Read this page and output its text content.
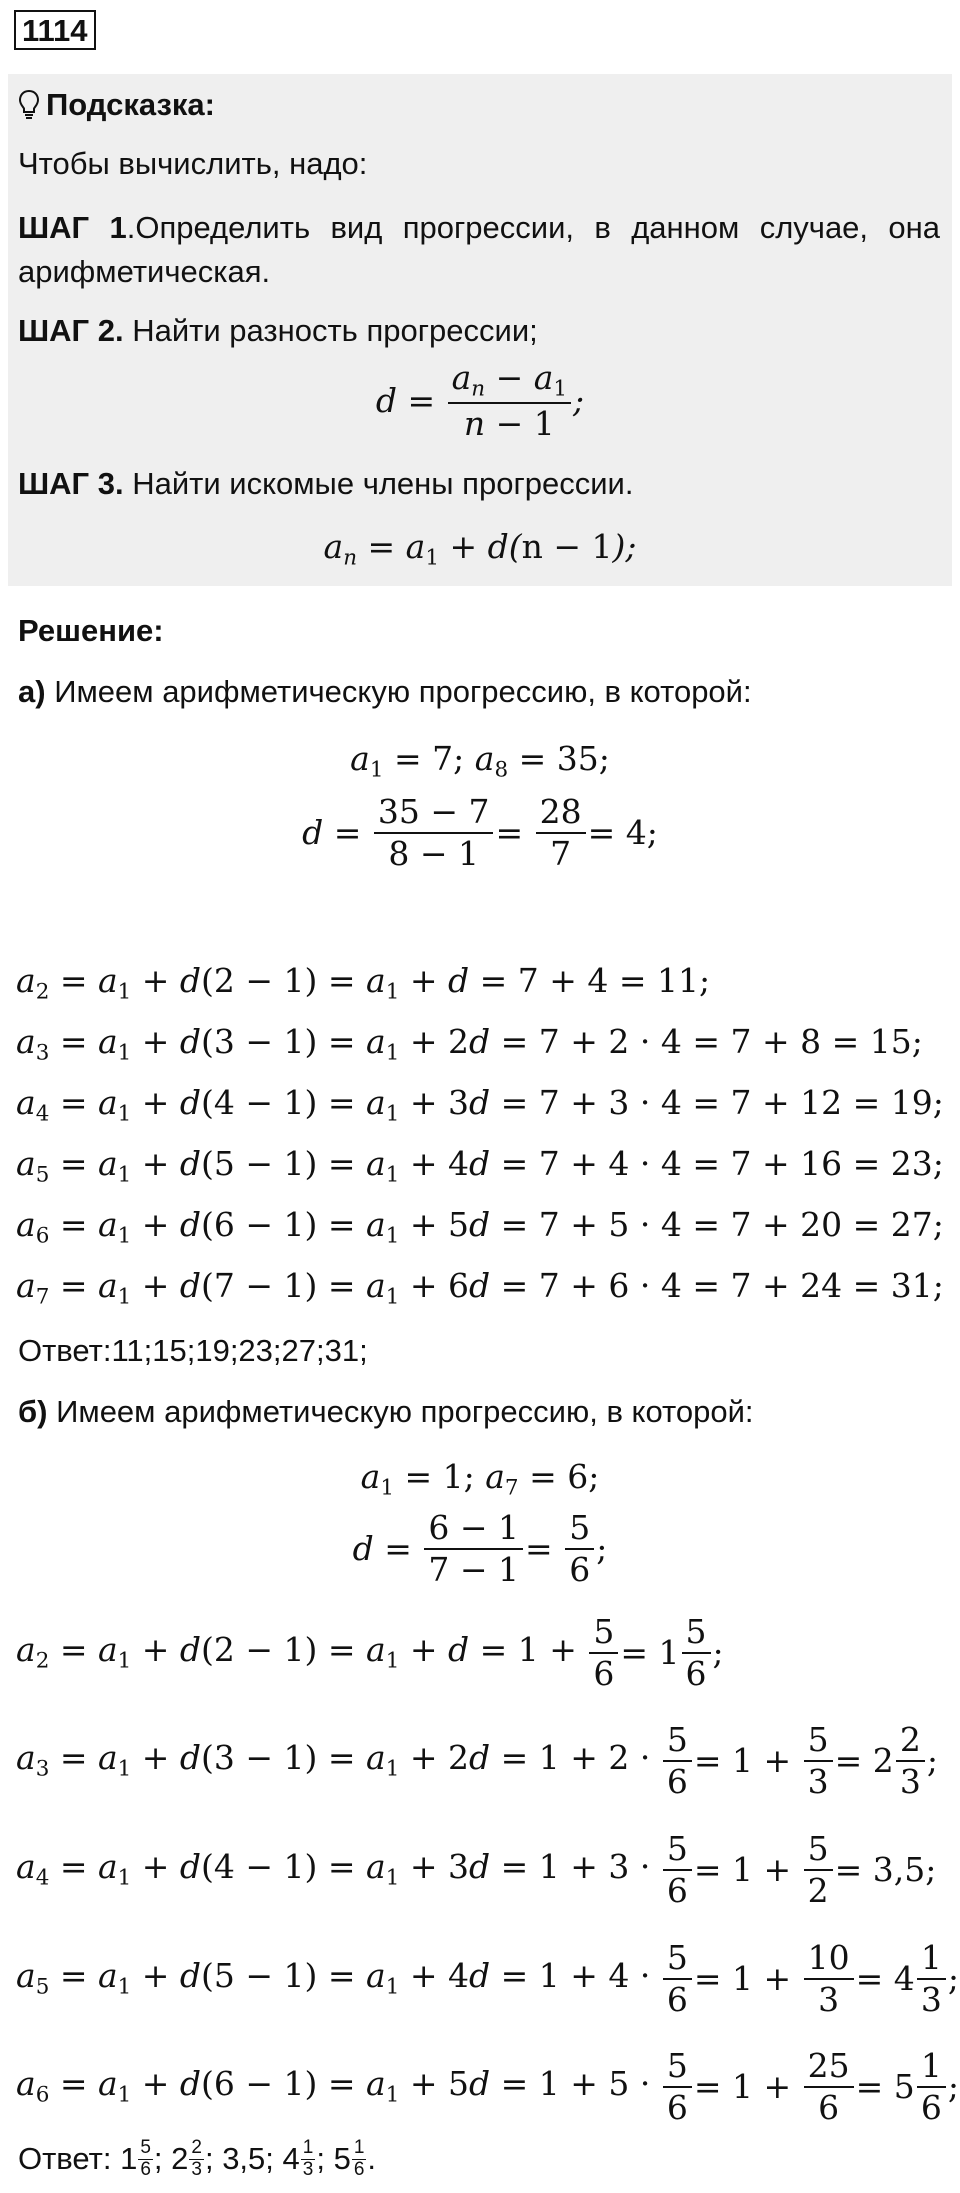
1114
Подсказка:
Чтобы вычислить, надо:
ШАГ 1.Определить вид прогрессии, в данном случае, она арифметическая.
ШАГ 2. Найти разность прогрессии;
$d = \frac{a_n - a_1}{n - 1}$ ;
ШАГ 3. Найти искомые члены прогрессии.
$a_n = a_1 + d(n - 1)$;
Решение:
а) Имеем арифметическую прогрессию, в которой:
$a_1 = 7$; $a_8 = 35$;
$d = \frac{35 - 7}{8 - 1} = \frac{28}{7} = 4$;
$a_2 = a_1 + d(2 - 1) = a_1 + d = 7 + 4 = 11$;
$a_3 = a_1 + d(3 - 1) = a_1 + 2d = 7 + 2 \cdot 4 = 7 + 8 = 15$;
$a_4 = a_1 + d(4 - 1) = a_1 + 3d = 7 + 3 \cdot 4 = 7 + 12 = 19$;
$a_5 = a_1 + d(5 - 1) = a_1 + 4d = 7 + 4 \cdot 4 = 7 + 16 = 23$;
$a_6 = a_1 + d(6 - 1) = a_1 + 5d = 7 + 5 \cdot 4 = 7 + 20 = 27$;
$a_7 = a_1 + d(7 - 1) = a_1 + 6d = 7 + 6 \cdot 4 = 7 + 24 = 31$;
Ответ:11;15;19;23;27;31;
б) Имеем арифметическую прогрессию, в которой:
$a_1 = 1$; $a_7 = 6$;
$d = \frac{6 - 1}{7 - 1} = \frac{5}{6}$ ;
$a_2 = a_1 + d(2 - 1) = a_1 + d = 1 + \frac{5}{6} = 1 \frac{5}{6}$ ;
$a_3 = a_1 + d(3 - 1) = a_1 + 2d = 1 + 2 \cdot \frac{5}{6} = 1 + \frac{5}{3} = 2 \frac{2}{3}$ ;
$a_4 = a_1 + d(4 - 1) = a_1 + 3d = 1 + 3 \cdot \frac{5}{6} = 1 + \frac{5}{2} = 3,5$;
$a_5 = a_1 + d(5 - 1) = a_1 + 4d = 1 + 4 \cdot \frac{5}{6} = 1 + \frac{10}{3} = 4 \frac{1}{3}$ ;
$a_6 = a_1 + d(6 - 1) = a_1 + 5d = 1 + 5 \cdot \frac{5}{6} = 1 + \frac{25}{6} = 5 \frac{1}{6}$ ;
Ответ: $1 \frac{5}{6}$ ; $2 \frac{2}{3}$ ; 3,5; $4 \frac{1}{3}$ ; $5 \frac{1}{6}$ .
